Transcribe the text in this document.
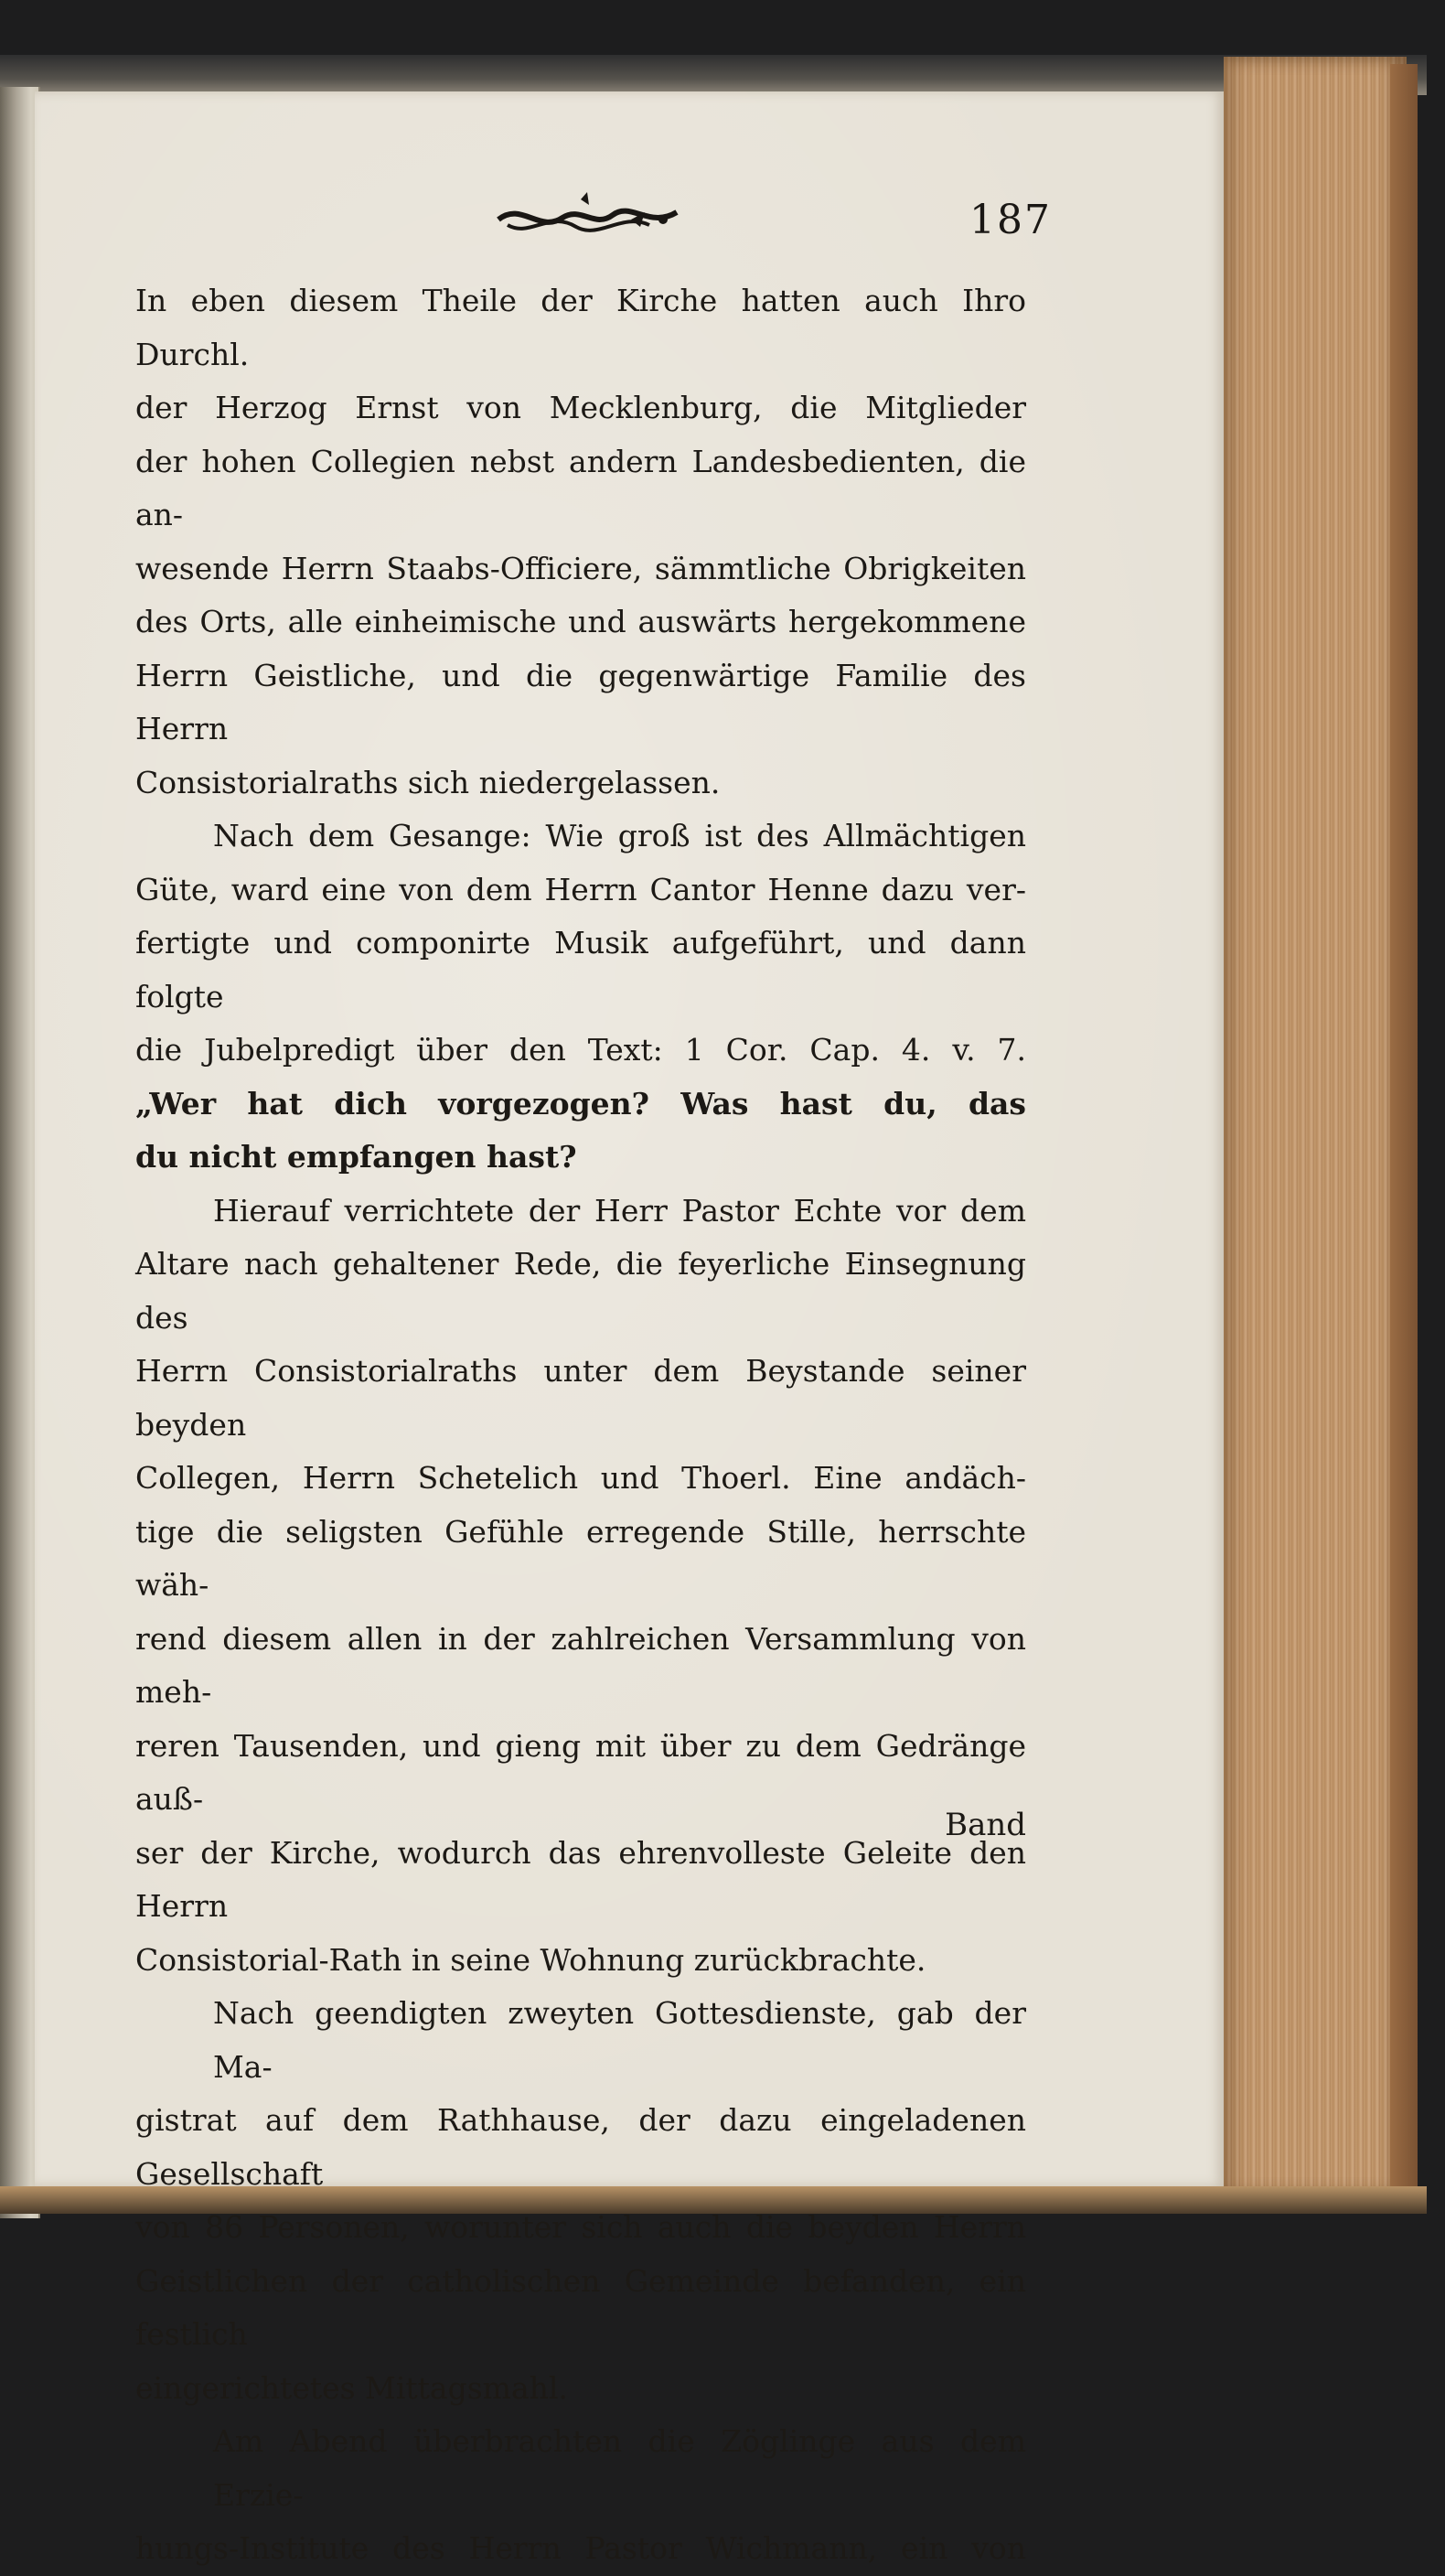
187

In eben diesem Theile der Kirche hatten auch Ihro Durchl.
der Herzog Ernst von Mecklenburg, die Mitglieder
der hohen Collegien nebst andern Landesbedienten, die an-
wesende Herrn Staabs-Officiere, sämmtliche Obrigkeiten
des Orts, alle einheimische und auswärts hergekommene
Herrn Geistliche, und die gegenwärtige Familie des Herrn
Consistorialraths sich niedergelassen.

Nach dem Gesange: Wie groß ist des Allmächtigen
Güte, ward eine von dem Herrn Cantor Henne dazu ver-
fertigte und componirte Musik aufgeführt, und dann folgte
die Jubelpredigt über den Text: 1 Cor. Cap. 4. v. 7.
„Wer hat dich vorgezogen? Was hast du, das
du nicht empfangen hast?

Hierauf verrichtete der Herr Pastor Echte vor dem
Altare nach gehaltener Rede, die feyerliche Einsegnung des
Herrn Consistorialraths unter dem Beystande seiner beyden
Collegen, Herrn Schetelich und Thoerl. Eine andäch-
tige die seligsten Gefühle erregende Stille, herrschte wäh-
rend diesem allen in der zahlreichen Versammlung von meh-
reren Tausenden, und gieng mit über zu dem Gedränge auß-
ser der Kirche, wodurch das ehrenvolleste Geleite den Herrn
Consistorial-Rath in seine Wohnung zurückbrachte.

Nach geendigten zweyten Gottesdienste, gab der Ma-
gistrat auf dem Rathhause, der dazu eingeladenen Gesellschaft
von 86 Personen, worunter sich auch die beyden Herrn
Geistlichen der catholischen Gemeinde befanden, ein festlich
eingerichtetes Mittagsmahl.

Am Abend überbrachten die Zöglinge aus dem Erzie-
hungs-Institute des Herrn Pastor Wichmann, ein von

Band
